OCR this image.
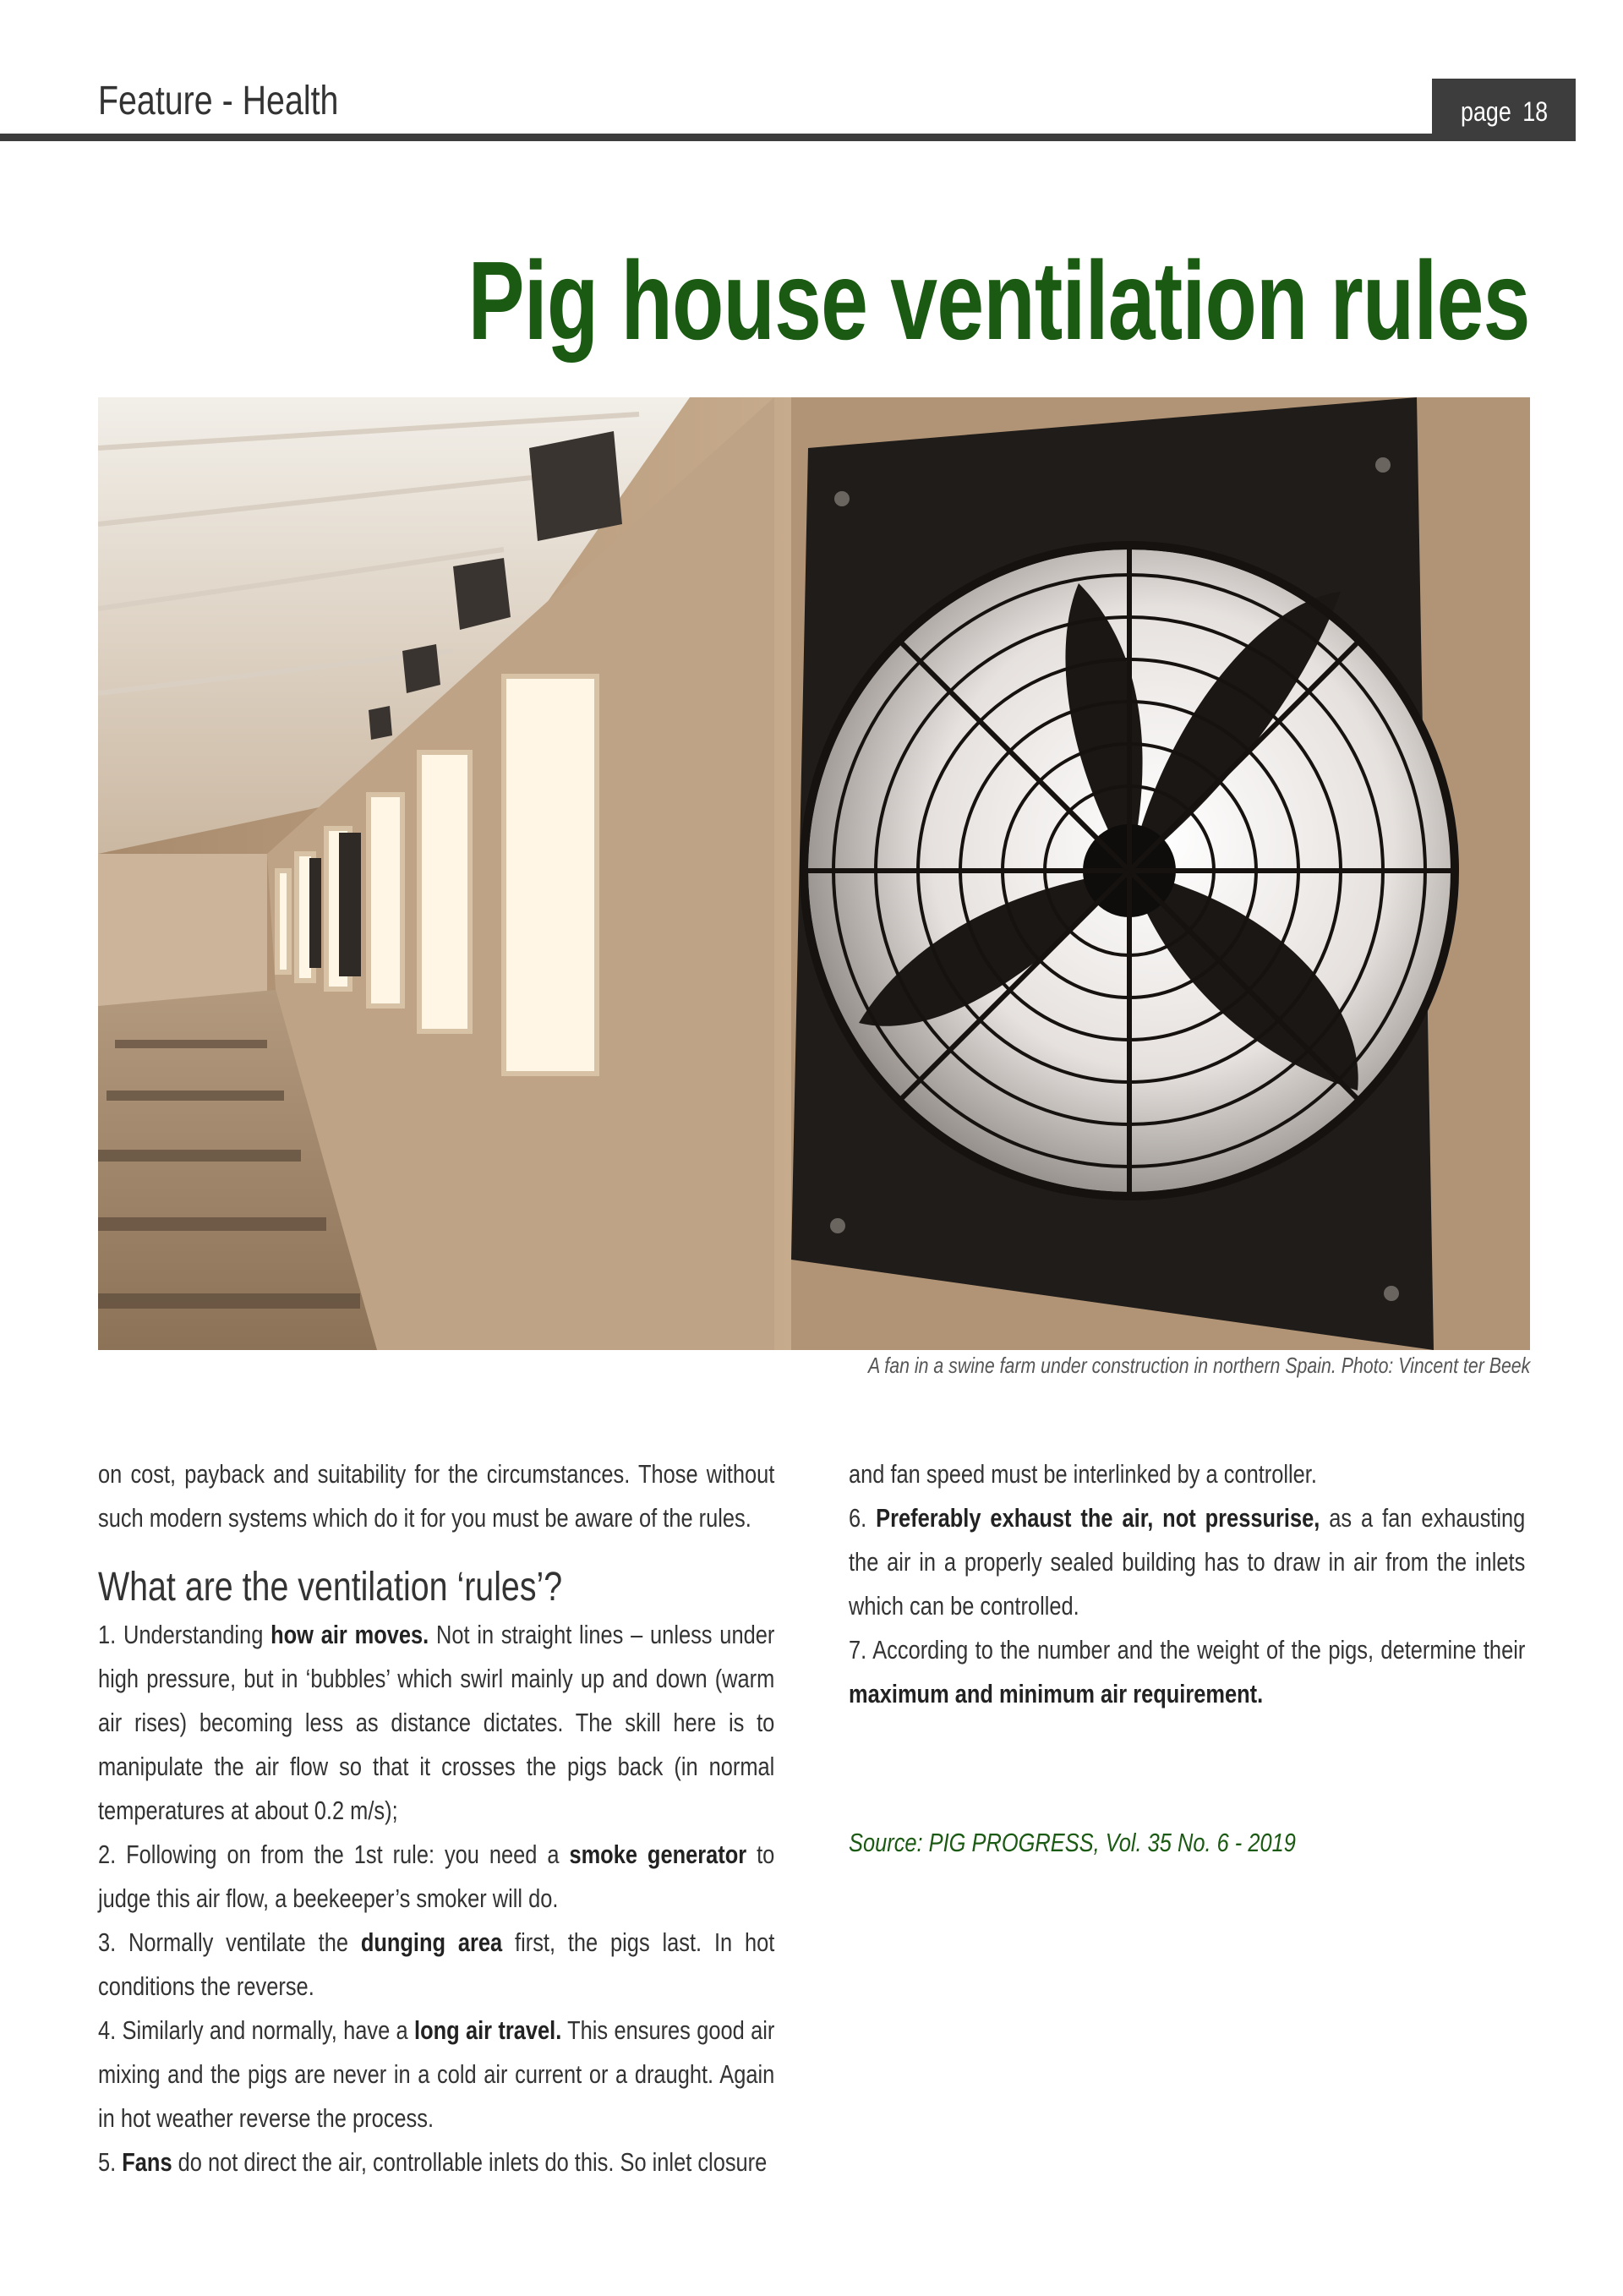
Feature - Health	page 18
Pig house ventilation rules
A fan in a swine farm under construction in northern Spain. Photo: Vincent ter Beek

on cost, payback and suitability for the circumstances. Those without such modern systems which do it for you must be aware of the rules.

What are the ventilation ‘rules’?

1. Understanding how air moves. Not in straight lines – unless under high pressure, but in ‘bubbles’ which swirl mainly up and down (warm air rises) becoming less as distance dictates. The skill here is to manipulate the air flow so that it crosses the pigs back (in normal temperatures at about 0.2 m/s);

2. Following on from the 1st rule: you need a smoke generator to judge this air flow, a beekeeper’s smoker will do.

3. Normally ventilate the dunging area first, the pigs last. In hot conditions the reverse.

4. Similarly and normally, have a long air travel. This ensures good air mixing and the pigs are never in a cold air current or a draught. Again in hot weather reverse the process.

5. Fans do not direct the air, controllable inlets do this. So inlet closure

and fan speed must be interlinked by a controller.

6. Preferably exhaust the air, not pressurise, as a fan exhausting the air in a properly sealed building has to draw in air from the inlets which can be controlled.

7. According to the number and the weight of the pigs, determine their maximum and minimum air requirement.

Source: PIG PROGRESS, Vol. 35 No. 6 - 2019
